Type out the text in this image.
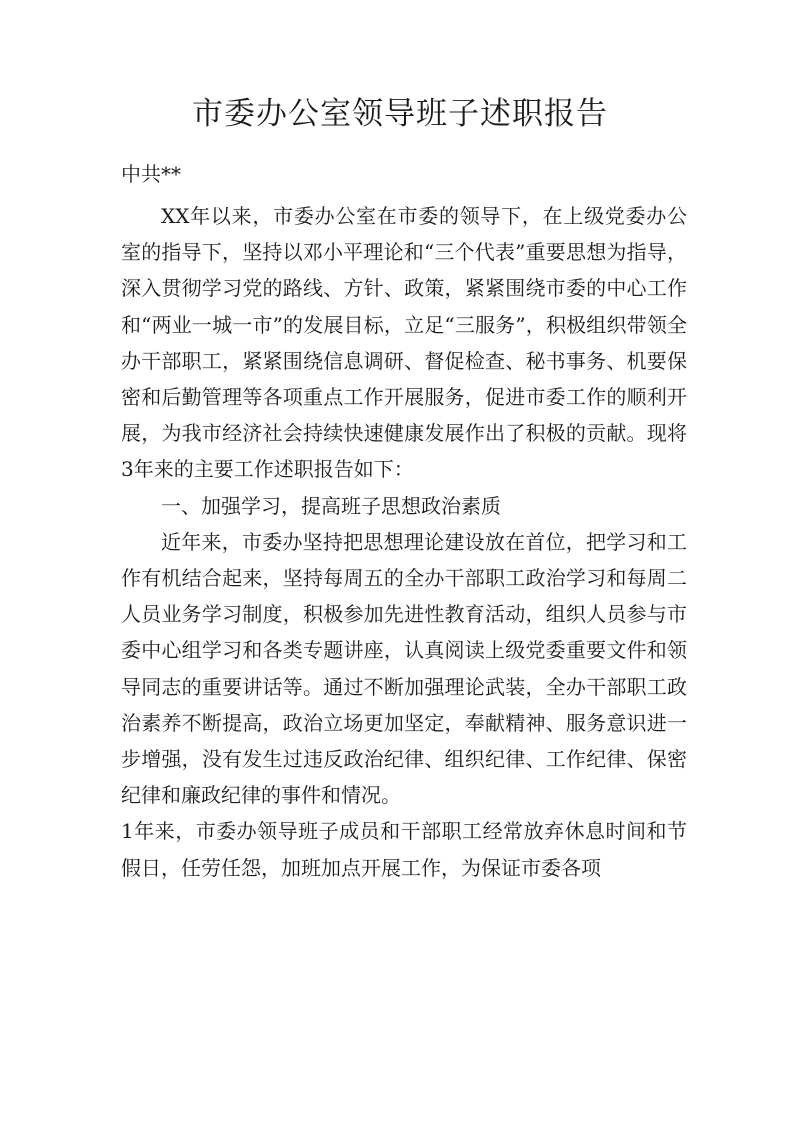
市委办公室领导班子述职报告
中共**

XX年以来，市委办公室在市委的领导下，在上级党委办公室的指导下，坚持以邓小平理论和“三个代表”重要思想为指导，深入贯彻学习党的路线、方针、政策，紧紧围绕市委的中心工作和“两业一城一市”的发展目标，立足“三服务”，积极组织带领全办干部职工，紧紧围绕信息调研、督促检查、秘书事务、机要保密和后勤管理等各项重点工作开展服务，促进市委工作的顺利开展，为我市经济社会持续快速健康发展作出了积极的贡献。现将3年来的主要工作述职报告如下：

一、加强学习，提高班子思想政治素质

近年来，市委办坚持把思想理论建设放在首位，把学习和工作有机结合起来，坚持每周五的全办干部职工政治学习和每周二人员业务学习制度，积极参加先进性教育活动，组织人员参与市委中心组学习和各类专题讲座，认真阅读上级党委重要文件和领导同志的重要讲话等。通过不断加强理论武装，全办干部职工政治素养不断提高，政治立场更加坚定，奉献精神、服务意识进一步增强，没有发生过违反政治纪律、组织纪律、工作纪律、保密纪律和廉政纪律的事件和情况。

1年来，市委办领导班子成员和干部职工经常放弃休息时间和节假日，任劳任怨，加班加点开展工作，为保证市委各项
